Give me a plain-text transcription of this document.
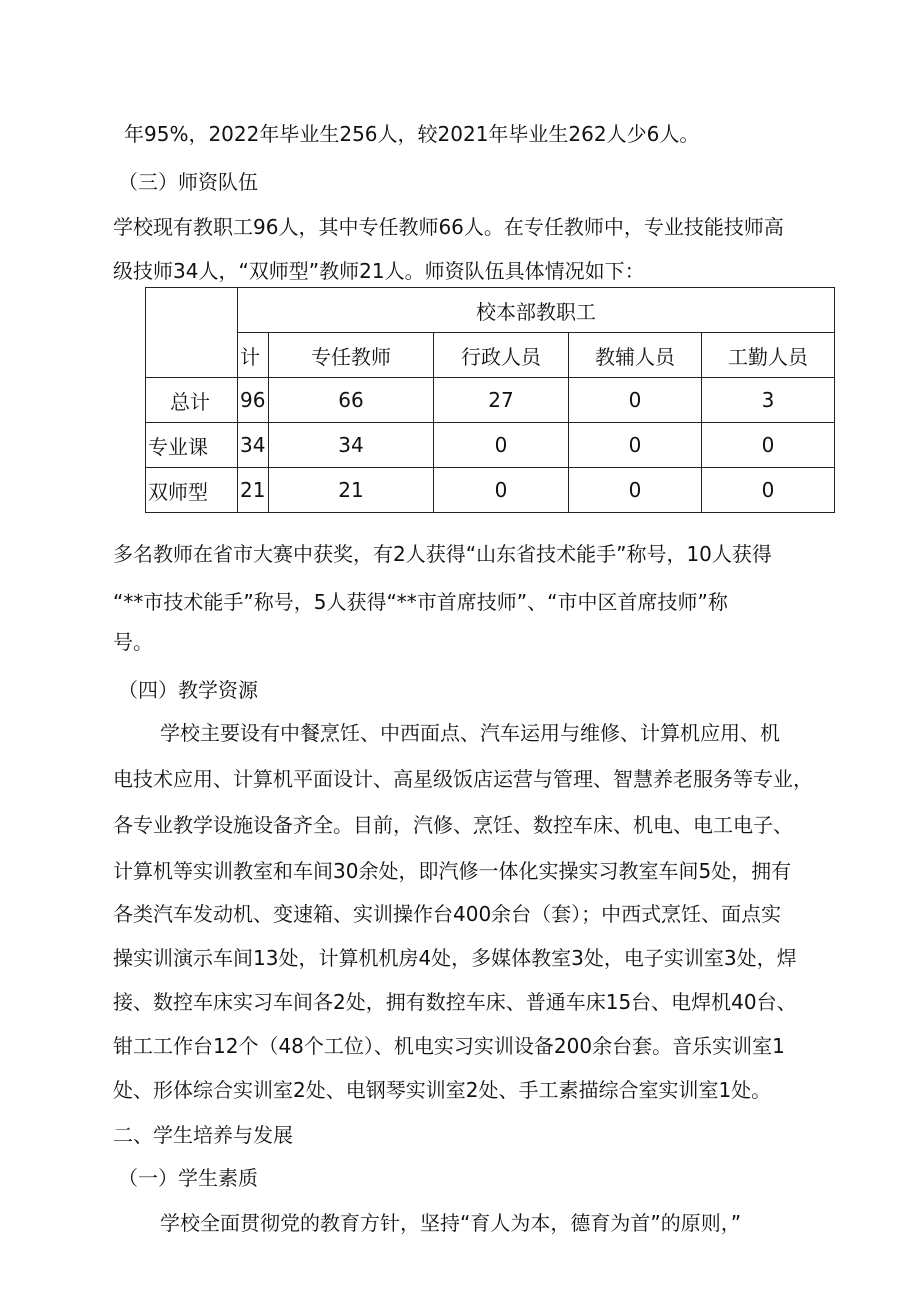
年95%，2022年毕业生256人，较2021年毕业生262人少6人。
（三）师资队伍
学校现有教职工96人，其中专任教师66人。在专任教师中，专业技能技师高
级技师34人，“双师型”教师21人。师资队伍具体情况如下：
	校本部教职工				
	计	专任教师	行政人员	教辅人员	工勤人员
总计	96	66	27	0	3
专业课	34	34	0	0	0
双师型	21	21	0	0	0
多名教师在省市大赛中获奖，有2人获得“山东省技术能手”称号，10人获得
“**市技术能手”称号，5人获得“**市首席技师”、“市中区首席技师”称
号。
（四）教学资源
学校主要设有中餐烹饪、中西面点、汽车运用与维修、计算机应用、机
电技术应用、计算机平面设计、高星级饭店运营与管理、智慧养老服务等专业，
各专业教学设施设备齐全。目前，汽修、烹饪、数控车床、机电、电工电子、
计算机等实训教室和车间30余处，即汽修一体化实操实习教室车间5处，拥有
各类汽车发动机、变速箱、实训操作台400余台（套）；中西式烹饪、面点实
操实训演示车间13处，计算机机房4处，多媒体教室3处，电子实训室3处，焊
接、数控车床实习车间各2处，拥有数控车床、普通车床15台、电焊机40台、
钳工工作台12个（48个工位）、机电实习实训设备200余台套。音乐实训室1
处、形体综合实训室2处、电钢琴实训室2处、手工素描综合室实训室1处。
二、学生培养与发展
（一）学生素质
学校全面贯彻党的教育方针，坚持“育人为本，德育为首”的原则，”
